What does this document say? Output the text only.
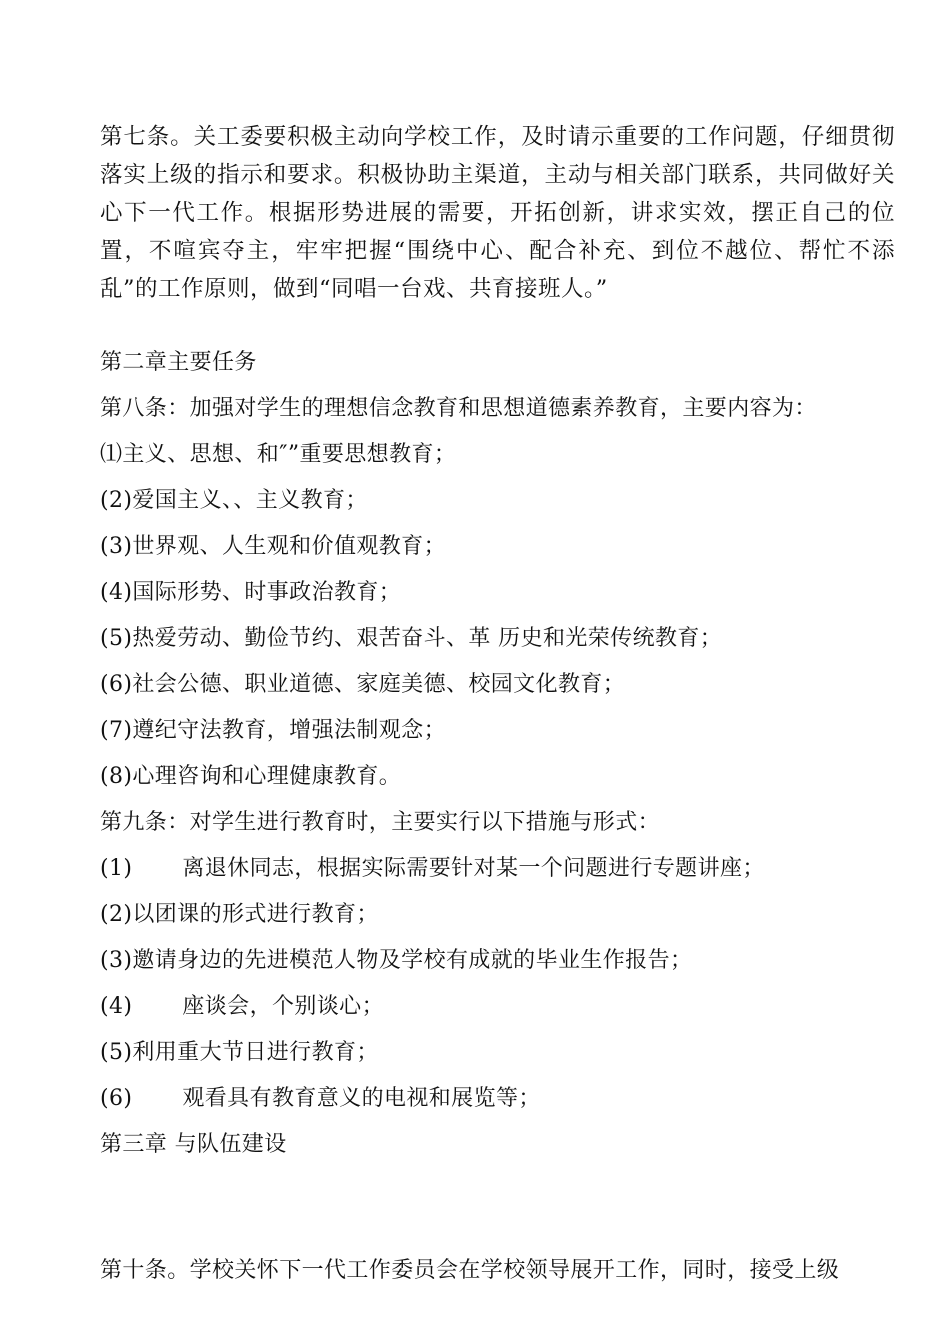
第七条。关工委要积极主动向学校工作，及时请示重要的工作问题，仔细贯彻落实上级的指示和要求。积极协助主渠道，主动与相关部门联系，共同做好关心下一代工作。根据形势进展的需要，开拓创新，讲求实效，摆正自己的位置，不喧宾夺主，牢牢把握“围绕中心、配合补充、到位不越位、帮忙不添乱”的工作原则，做到“同唱一台戏、共育接班人。”
第二章主要任务
第八条：加强对学生的理想信念教育和思想道德素养教育，主要内容为：
⑴主义、思想、和″”重要思想教育；
(2)爱国主义、、主义教育；
(3)世界观、人生观和价值观教育；
(4)国际形势、时事政治教育；
(5)热爱劳动、勤俭节约、艰苦奋斗、革 历史和光荣传统教育；
(6)社会公德、职业道德、家庭美德、校园文化教育；
(7)遵纪守法教育，增强法制观念；
(8)心理咨询和心理健康教育。
第九条：对学生进行教育时，主要实行以下措施与形式：
(1) 离退休同志，根据实际需要针对某一个问题进行专题讲座；
(2)以团课的形式进行教育；
(3)邀请身边的先进模范人物及学校有成就的毕业生作报告；
(4) 座谈会，个别谈心；
(5)利用重大节日进行教育；
(6) 观看具有教育意义的电视和展览等；
第三章 与队伍建设
第十条。学校关怀下一代工作委员会在学校领导展开工作，同时，接受上级
